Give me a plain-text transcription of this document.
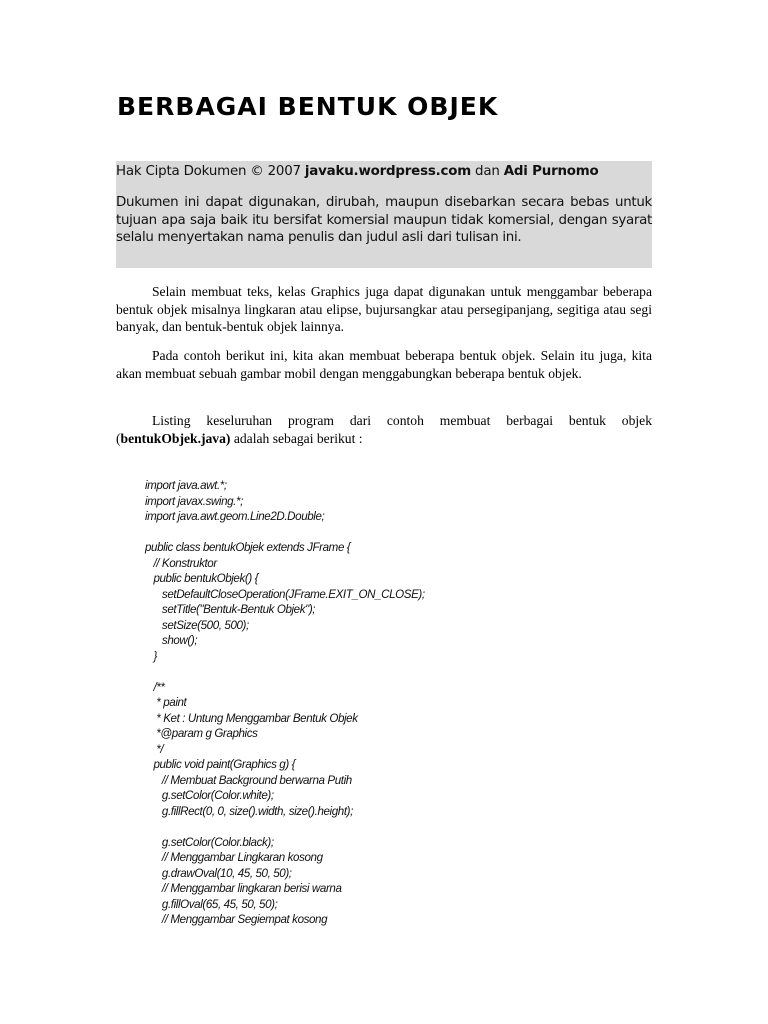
BERBAGAI BENTUK OBJEK

Hak Cipta Dokumen © 2007 javaku.wordpress.com dan Adi Purnomo

Dukumen ini dapat digunakan, dirubah, maupun disebarkan secara bebas untuk tujuan apa saja baik itu bersifat komersial maupun tidak komersial, dengan syarat selalu menyertakan nama penulis dan judul asli dari tulisan ini.

Selain membuat teks, kelas Graphics juga dapat digunakan untuk menggambar beberapa bentuk objek misalnya lingkaran atau elipse, bujursangkar atau persegipanjang, segitiga atau segi banyak, dan bentuk-bentuk objek lainnya.

Pada contoh berikut ini, kita akan membuat beberapa bentuk objek. Selain itu juga, kita akan membuat sebuah gambar mobil dengan menggabungkan beberapa bentuk objek.

Listing keseluruhan program dari contoh membuat berbagai bentuk objek (bentukObjek.java) adalah sebagai berikut :

import java.awt.*;
import javax.swing.*;
import java.awt.geom.Line2D.Double;
public class bentukObjek extends JFrame {
// Konstruktor
public bentukObjek() {
setDefaultCloseOperation(JFrame.EXIT_ON_CLOSE);
setTitle("Bentuk-Bentuk Objek");
setSize(500, 500);
show();
}
/**
* paint
* Ket : Untung Menggambar Bentuk Objek
*@param g Graphics
*/
public void paint(Graphics g) {
// Membuat Background berwarna Putih
g.setColor(Color.white);
g.fillRect(0, 0, size().width, size().height);
g.setColor(Color.black);
// Menggambar Lingkaran kosong
g.drawOval(10, 45, 50, 50);
// Menggambar lingkaran berisi warna
g.fillOval(65, 45, 50, 50);
// Menggambar Segiempat kosong
